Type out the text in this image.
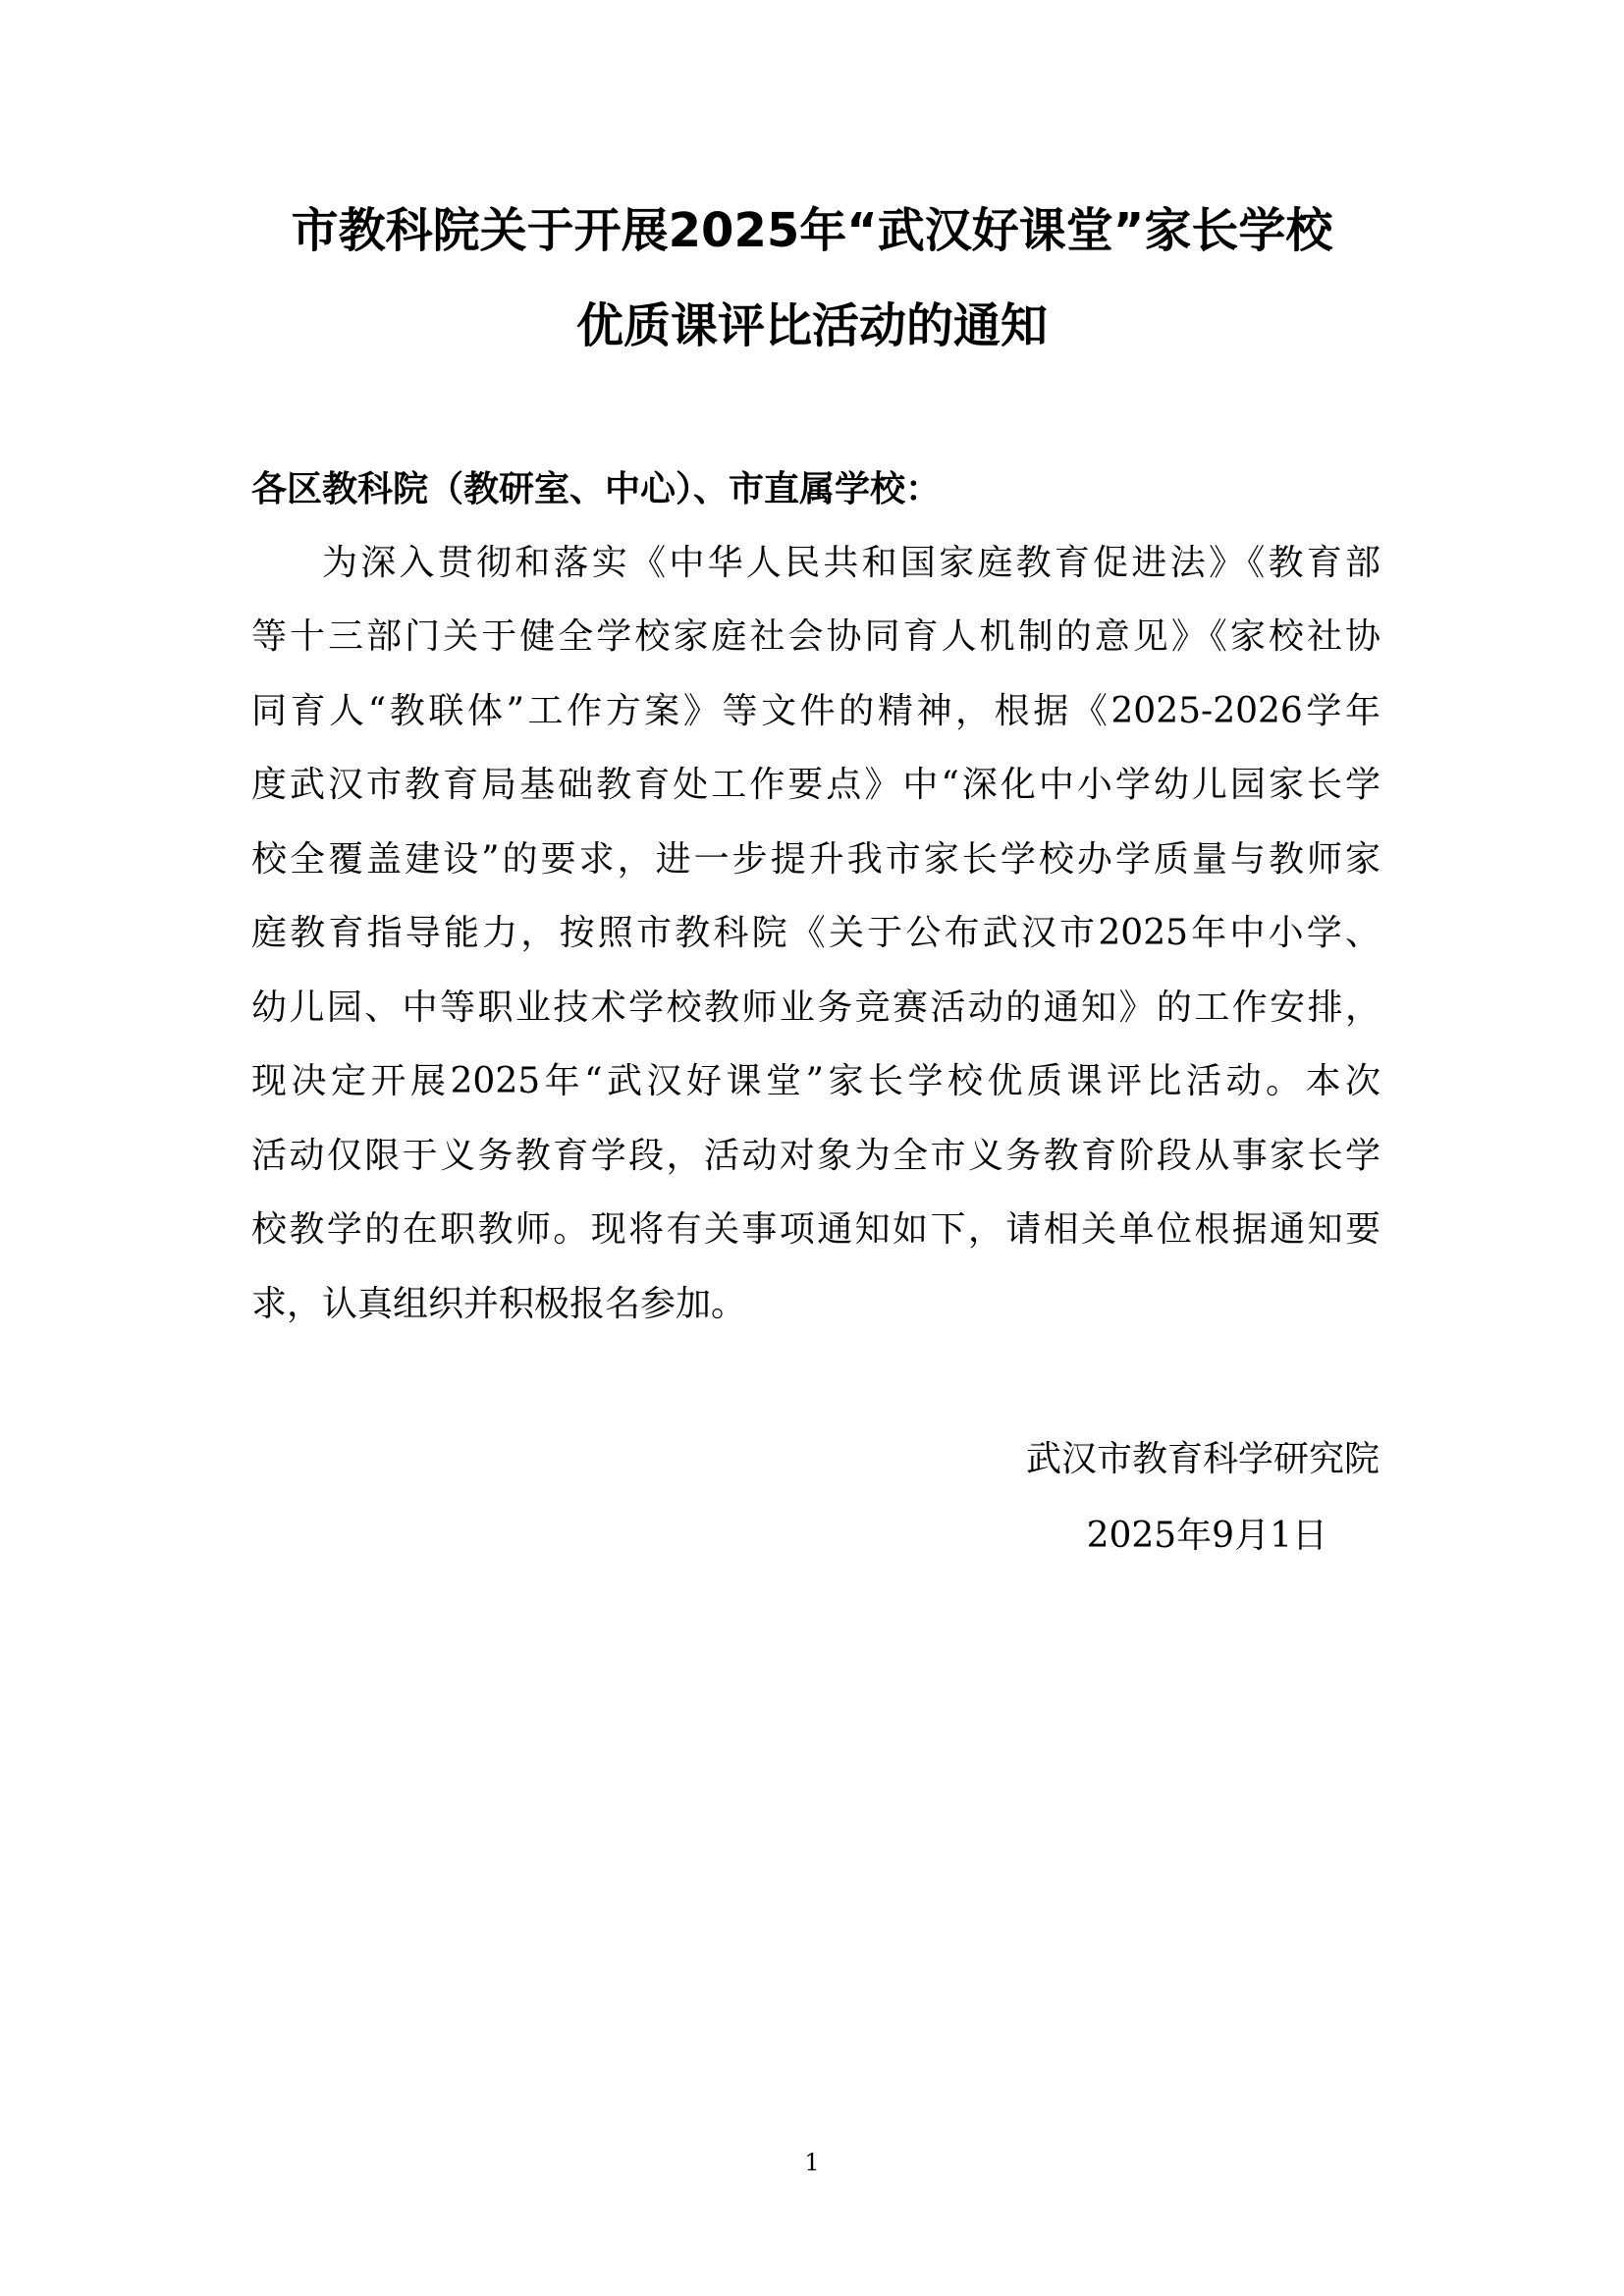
市教科院关于开展2025年“武汉好课堂”家长学校
优质课评比活动的通知
各区教科院（教研室、中心）、市直属学校：
为深入贯彻和落实《中华人民共和国家庭教育促进法》《教育部
等十三部门关于健全学校家庭社会协同育人机制的意见》《家校社协
同育人“教联体”工作方案》等文件的精神，根据《2025-2026学年
度武汉市教育局基础教育处工作要点》中“深化中小学幼儿园家长学
校全覆盖建设”的要求，进一步提升我市家长学校办学质量与教师家
庭教育指导能力，按照市教科院《关于公布武汉市2025年中小学、
幼儿园、中等职业技术学校教师业务竞赛活动的通知》的工作安排，
现决定开展2025年“武汉好课堂”家长学校优质课评比活动。本次
活动仅限于义务教育学段，活动对象为全市义务教育阶段从事家长学
校教学的在职教师。现将有关事项通知如下，请相关单位根据通知要
求，认真组织并积极报名参加。
武汉市教育科学研究院
2025年9月1日
1
